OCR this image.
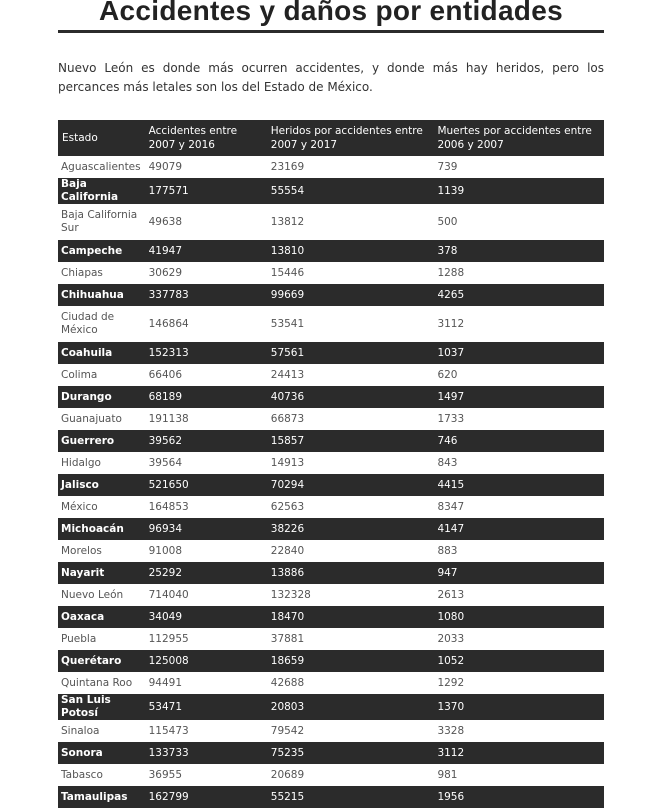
Accidentes y daños por entidades

Nuevo León es donde más ocurren accidentes, y donde más hay heridos, pero los percances más letales son los del Estado de México.

Estado	Accidentes entre 2007 y 2016	Heridos por accidentes entre 2007 y 2017	Muertes por accidentes entre 2006 y 2007
Aguascalientes	49079	23169	739
Baja California	177571	55554	1139
Baja California Sur	49638	13812	500
Campeche	41947	13810	378
Chiapas	30629	15446	1288
Chihuahua	337783	99669	4265
Ciudad de México	146864	53541	3112
Coahuila	152313	57561	1037
Colima	66406	24413	620
Durango	68189	40736	1497
Guanajuato	191138	66873	1733
Guerrero	39562	15857	746
Hidalgo	39564	14913	843
Jalisco	521650	70294	4415
México	164853	62563	8347
Michoacán	96934	38226	4147
Morelos	91008	22840	883
Nayarit	25292	13886	947
Nuevo León	714040	132328	2613
Oaxaca	34049	18470	1080
Puebla	112955	37881	2033
Querétaro	125008	18659	1052
Quintana Roo	94491	42688	1292
San Luis Potosí	53471	20803	1370
Sinaloa	115473	79542	3328
Sonora	133733	75235	3112
Tabasco	36955	20689	981
Tamaulipas	162799	55215	1956
